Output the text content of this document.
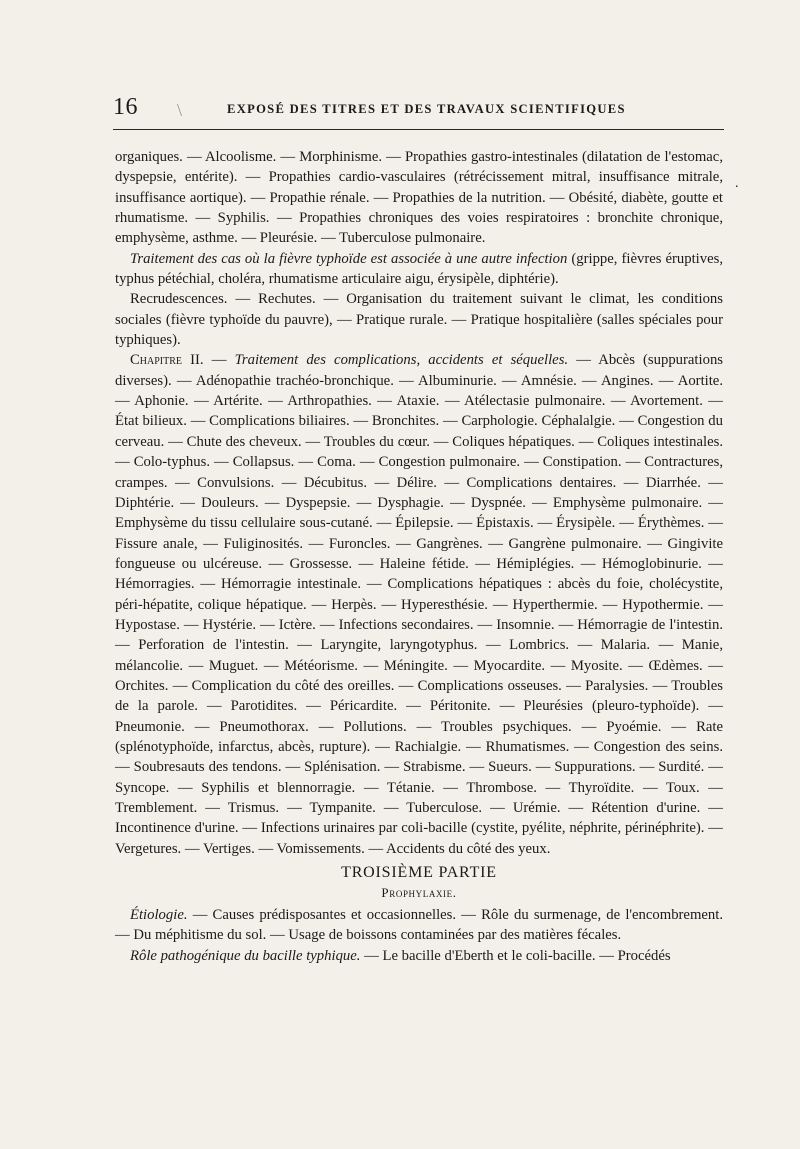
\
16	EXPOSÉ DES TITRES ET DES TRAVAUX SCIENTIFIQUES
.

organiques. — Alcoolisme. — Morphinisme. — Propathies gastro-intestinales (dilatation de l'estomac, dyspepsie, entérite). — Propathies cardio-vasculaires (rétrécissement mitral, insuffisance mitrale, insuffisance aortique). — Propathie rénale. — Propathies de la nutrition. — Obésité, diabète, goutte et rhumatisme. — Syphilis. — Propathies chroniques des voies respiratoires : bronchite chronique, emphysème, asthme. — Pleurésie. — Tuberculose pulmonaire.

Traitement des cas où la fièvre typhoïde est associée à une autre infection (grippe, fièvres éruptives, typhus pétéchial, choléra, rhumatisme articulaire aigu, érysipèle, diphtérie).

Recrudescences. — Rechutes. — Organisation du traitement suivant le climat, les conditions sociales (fièvre typhoïde du pauvre), — Pratique rurale. — Pratique hospitalière (salles spéciales pour typhiques).

Chapitre II. — Traitement des complications, accidents et séquelles. — Abcès (suppurations diverses). — Adénopathie trachéo-bronchique. — Albuminurie. — Amnésie. — Angines. — Aortite. — Aphonie. — Artérite. — Arthropathies. — Ataxie. — Atélectasie pulmonaire. — Avortement. — État bilieux. — Complications biliaires. — Bronchites. — Carphologie. Céphalalgie. — Congestion du cerveau. — Chute des cheveux. — Troubles du cœur. — Coliques hépatiques. — Coliques intestinales. — Colo-typhus. — Collapsus. — Coma. — Congestion pulmonaire. — Constipation. — Contractures, crampes. — Convulsions. — Décubitus. — Délire. — Complications dentaires. — Diarrhée. — Diphtérie. — Douleurs. — Dyspepsie. — Dysphagie. — Dyspnée. — Emphysème pulmonaire. — Emphysème du tissu cellulaire sous-cutané. — Épilepsie. — Épistaxis. — Érysipèle. — Érythèmes. — Fissure anale, — Fuliginosités. — Furoncles. — Gangrènes. — Gangrène pulmonaire. — Gingivite fongueuse ou ulcéreuse. — Grossesse. — Haleine fétide. — Hémiplégies. — Hémoglobinurie. — Hémorragies. — Hémorragie intestinale. — Complications hépatiques : abcès du foie, cholécystite, péri-hépatite, colique hépatique. — Herpès. — Hyperesthésie. — Hyperthermie. — Hypothermie. — Hypostase. — Hystérie. — Ictère. — Infections secondaires. — Insomnie. — Hémorragie de l'intestin. — Perforation de l'intestin. — Laryngite, laryngotyphus. — Lombrics. — Malaria. — Manie, mélancolie. — Muguet. — Météorisme. — Méningite. — Myocardite. — Myosite. — Œdèmes. — Orchites. — Complication du côté des oreilles. — Complications osseuses. — Paralysies. — Troubles de la parole. — Parotidites. — Péricardite. — Péritonite. — Pleurésies (pleuro-typhoïde). — Pneumonie. — Pneumothorax. — Pollutions. — Troubles psychiques. — Pyoémie. — Rate (splénotyphoïde, infarctus, abcès, rupture). — Rachialgie. — Rhumatismes. — Congestion des seins. — Soubresauts des tendons. — Splénisation. — Strabisme. — Sueurs. — Suppurations. — Surdité. — Syncope. — Syphilis et blennorragie. — Tétanie. — Thrombose. — Thyroïdite. — Toux. — Tremblement. — Trismus. — Tympanite. — Tuberculose. — Urémie. — Rétention d'urine. — Incontinence d'urine. — Infections urinaires par coli-bacille (cystite, pyélite, néphrite, périnéphrite). — Vergetures. — Vertiges. — Vomissements. — Accidents du côté des yeux.

TROISIÈME PARTIE
Prophylaxie.

Étiologie. — Causes prédisposantes et occasionnelles. — Rôle du surmenage, de l'encombrement. — Du méphitisme du sol. — Usage de boissons contaminées par des matières fécales.

Rôle pathogénique du bacille typhique. — Le bacille d'Eberth et le coli-bacille. — Procédés
